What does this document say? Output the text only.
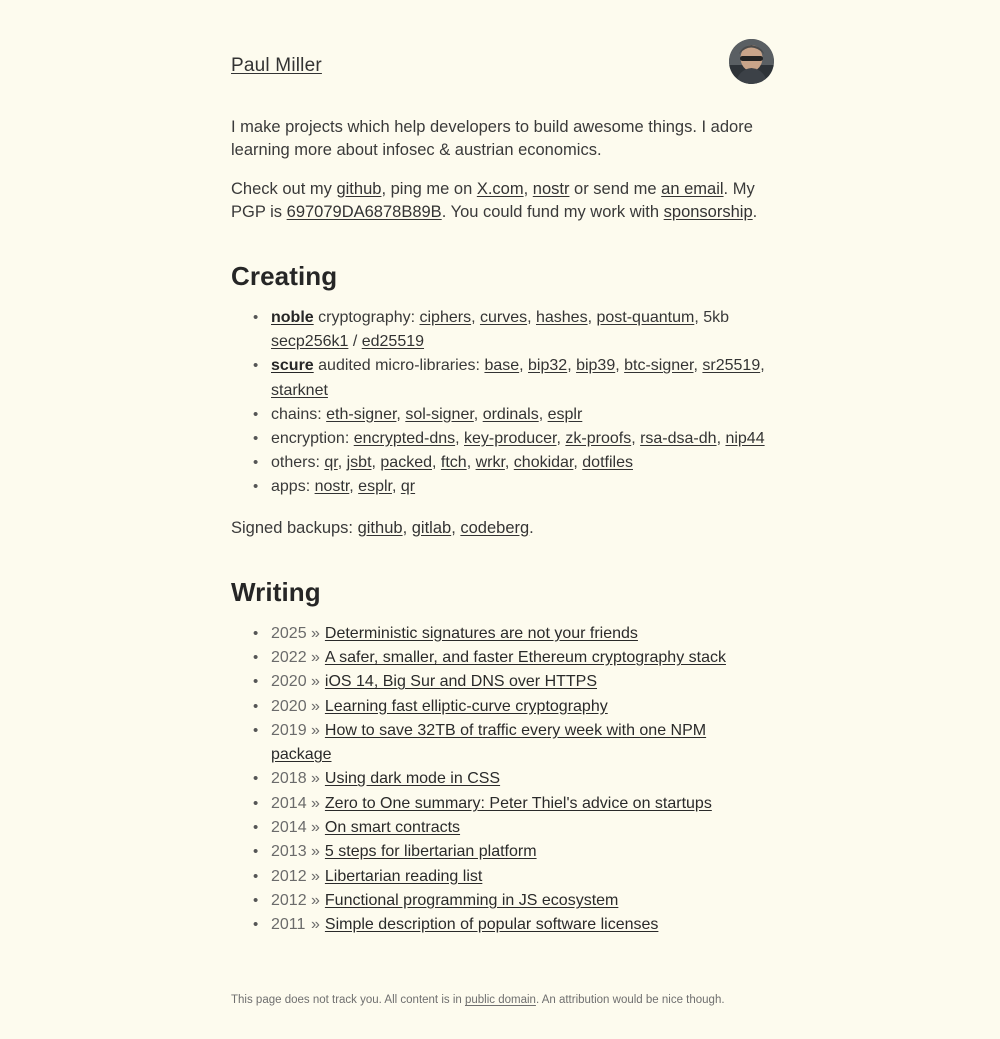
Paul Miller

I make projects which help developers to build awesome things. I adore learning more about infosec & austrian economics.

Check out my github, ping me on X.com, nostr or send me an email. My PGP is 697079DA6878B89B. You could fund my work with sponsorship.

Creating
• noble cryptography: ciphers, curves, hashes, post-quantum, 5kb secp256k1 / ed25519
• scure audited micro-libraries: base, bip32, bip39, btc-signer, sr25519, starknet
• chains: eth-signer, sol-signer, ordinals, esplr
• encryption: encrypted-dns, key-producer, zk-proofs, rsa-dsa-dh, nip44
• others: qr, jsbt, packed, ftch, wrkr, chokidar, dotfiles
• apps: nostr, esplr, qr

Signed backups: github, gitlab, codeberg.

Writing
• 2025 » Deterministic signatures are not your friends
• 2022 » A safer, smaller, and faster Ethereum cryptography stack
• 2020 » iOS 14, Big Sur and DNS over HTTPS
• 2020 » Learning fast elliptic-curve cryptography
• 2019 » How to save 32TB of traffic every week with one NPM package
• 2018 » Using dark mode in CSS
• 2014 » Zero to One summary: Peter Thiel's advice on startups
• 2014 » On smart contracts
• 2013 » 5 steps for libertarian platform
• 2012 » Libertarian reading list
• 2012 » Functional programming in JS ecosystem
• 2011 » Simple description of popular software licenses
This page does not track you. All content is in public domain. An attribution would be nice though.
